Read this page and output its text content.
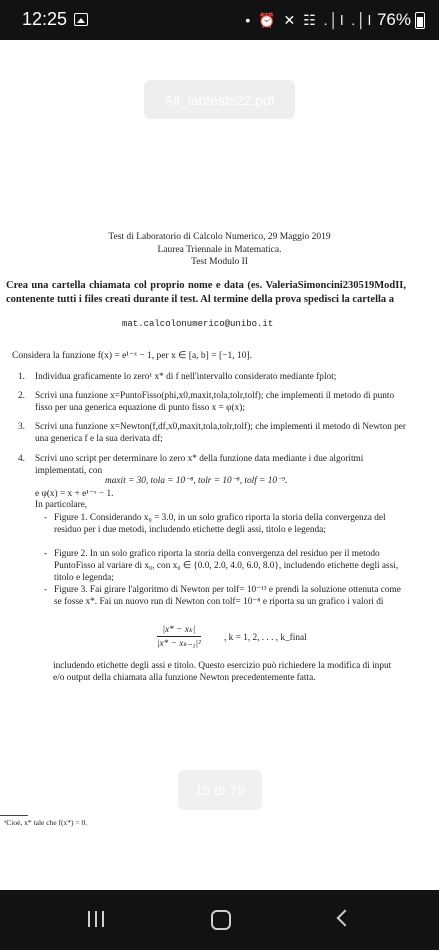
12:25	• ⏰ ✕ ☷ .│l .│l 76%
All_labtests22.pdf
Test di Laboratorio di Calcolo Numerico, 29 Maggio 2019
Laurea Triennale in Matematica.
Test Modulo II
Crea una cartella chiamata col proprio nome e data (es. ValeriaSimoncini230519ModII, contenente tutti i files creati durante il test. Al termine della prova spedisci la cartella a
mat.calcolonumerico@unibo.it
Considera la funzione f(x) = e¹⁻ˣ − 1, per x ∈ [a, b] = [−1, 10].
1. Individua graficamente lo zero¹ x* di f nell'intervallo considerato mediante fplot;
2. Scrivi una funzione x=PuntoFisso(phi,x0,maxit,tola,tolr,tolf); che implementi il metodo di punto fisso per una generica equazione di punto fisso x = φ(x);
3. Scrivi una funzione x=Newton(f,df,x0,maxit,tola,tolr,tolf); che implementi il metodo di Newton per una generica f e la sua derivata df;
4. Scrivi uno script per determinare lo zero x* della funzione data mediante i due algoritmi implementati, con
maxit = 30, tola = 10⁻⁸, tolr = 10⁻⁸, tolf = 10⁻⁹.
e φ(x) = x + e¹⁻ˣ − 1.
In particolare,
- Figure 1. Considerando x₀ = 3.0, in un solo grafico riporta la storia della convergenza del residuo per i due metodi, includendo etichette degli assi, titolo e legenda;
- Figure 2. In un solo grafico riporta la storia della convergenza del residuo per il metodo PuntoFisso al variare di x₀, con x₀ ∈ {0.0, 2.0, 4.0, 6.0, 8.0}, includendo etichette degli assi, titolo e legenda;
- Figure 3. Fai girare l'algoritmo di Newton per tolf= 10⁻¹³ e prendi la soluzione ottenuta come se fosse x*. Fai un nuovo run di Newton con tolf= 10⁻⁸ e riporta su un grafico i valori di
$\frac{\text{|x* − xₖ|}}{\text{|x* − xₖ₋₁|²}}$ , k = 1, 2, . . . , k_final
includendo etichette degli assi e titolo. Questo esercizio può richiedere la modifica di input e/o output della chiamata alla funzione Newton precedentemente fatta.
¹Cioè, x* tale che f(x*) = 0.
15 di 79
